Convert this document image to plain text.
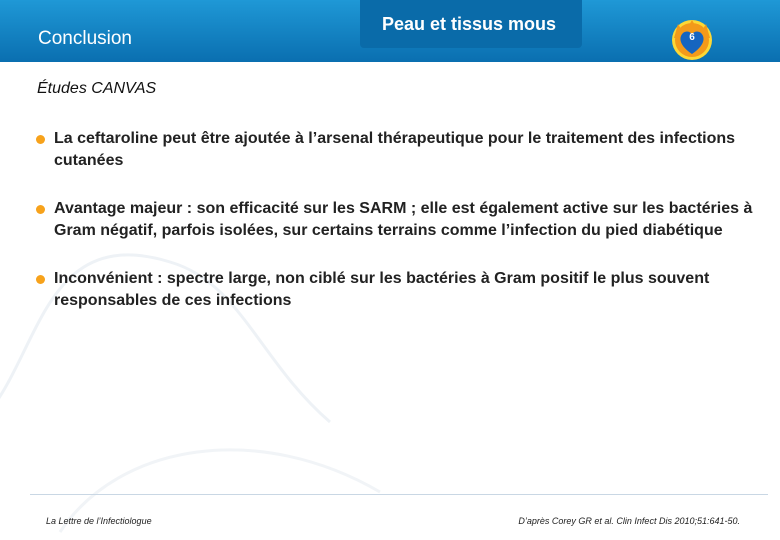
Conclusion
Peau et tissus mous
6
Études CANVAS
La ceftaroline peut être ajoutée à l’arsenal thérapeutique pour le traitement des infections cutanées
Avantage majeur : son efficacité sur les SARM ; elle est également active sur les bactéries à Gram négatif, parfois isolées, sur certains terrains comme l’infection du pied diabétique
Inconvénient : spectre large, non ciblé sur les bactéries à Gram positif le plus souvent responsables de ces infections
La Lettre de l’Infectiologue	D’après Corey GR et al. Clin Infect Dis 2010;51:641-50.
